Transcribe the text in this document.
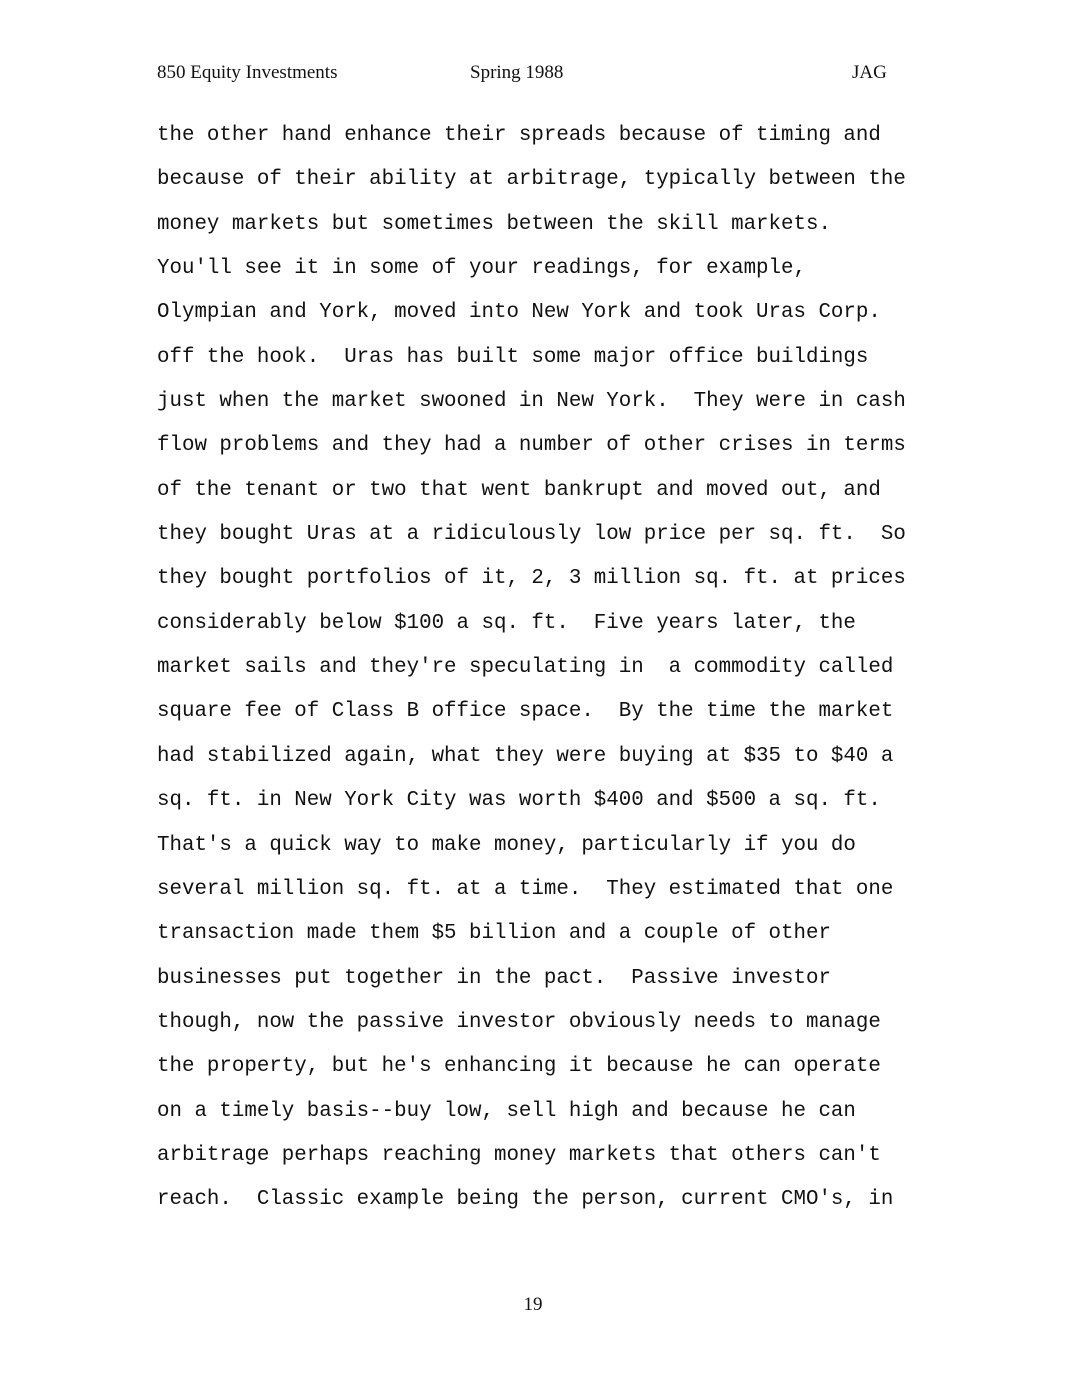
850 Equity Investments	Spring 1988	JAG
the other hand enhance their spreads because of timing and
because of their ability at arbitrage, typically between the
money markets but sometimes between the skill markets.
You'll see it in some of your readings, for example,
Olympian and York, moved into New York and took Uras Corp.
off the hook.  Uras has built some major office buildings
just when the market swooned in New York.  They were in cash
flow problems and they had a number of other crises in terms
of the tenant or two that went bankrupt and moved out, and
they bought Uras at a ridiculously low price per sq. ft.  So
they bought portfolios of it, 2, 3 million sq. ft. at prices
considerably below $100 a sq. ft.  Five years later, the
market sails and they're speculating in  a commodity called
square fee of Class B office space.  By the time the market
had stabilized again, what they were buying at $35 to $40 a
sq. ft. in New York City was worth $400 and $500 a sq. ft.
That's a quick way to make money, particularly if you do
several million sq. ft. at a time.  They estimated that one
transaction made them $5 billion and a couple of other
businesses put together in the pact.  Passive investor
though, now the passive investor obviously needs to manage
the property, but he's enhancing it because he can operate
on a timely basis--buy low, sell high and because he can
arbitrage perhaps reaching money markets that others can't
reach.  Classic example being the person, current CMO's, in
19
